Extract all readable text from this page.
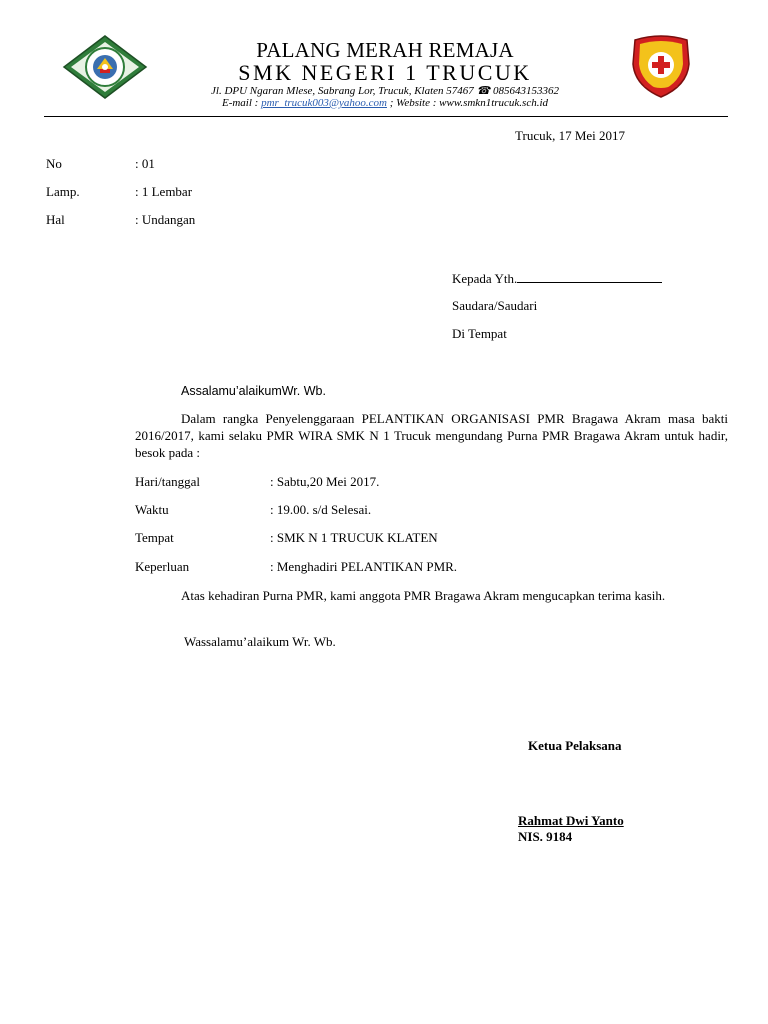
PALANG MERAH REMAJA
SMK NEGERI 1 TRUCUK
Jl. DPU Ngaran Mlese, Sabrang Lor, Trucuk, Klaten 57467 ☎ 085643153362
E-mail : pmr_trucuk003@yahoo.com ; Website : www.smkn1trucuk.sch.id
Trucuk, 17 Mei 2017
No	: 01
Lamp.	: 1 Lembar
Hal	: Undangan
Kepada Yth.
Saudara/Saudari
Di Tempat
Assalamu’alaikumWr. Wb.
Dalam rangka Penyelenggaraan PELANTIKAN ORGANISASI PMR Bragawa Akram masa bakti 2016/2017, kami selaku PMR WIRA SMK N 1 Trucuk mengundang Purna PMR Bragawa Akram untuk hadir, besok pada :
Hari/tanggal	: Sabtu,20 Mei 2017.
Waktu	: 19.00. s/d Selesai.
Tempat	: SMK N 1 TRUCUK KLATEN
Keperluan	: Menghadiri PELANTIKAN PMR.
Atas kehadiran Purna PMR, kami anggota PMR Bragawa Akram mengucapkan terima kasih.
Wassalamu’alaikum Wr. Wb.
Ketua Pelaksana
Rahmat Dwi Yanto
NIS. 9184
